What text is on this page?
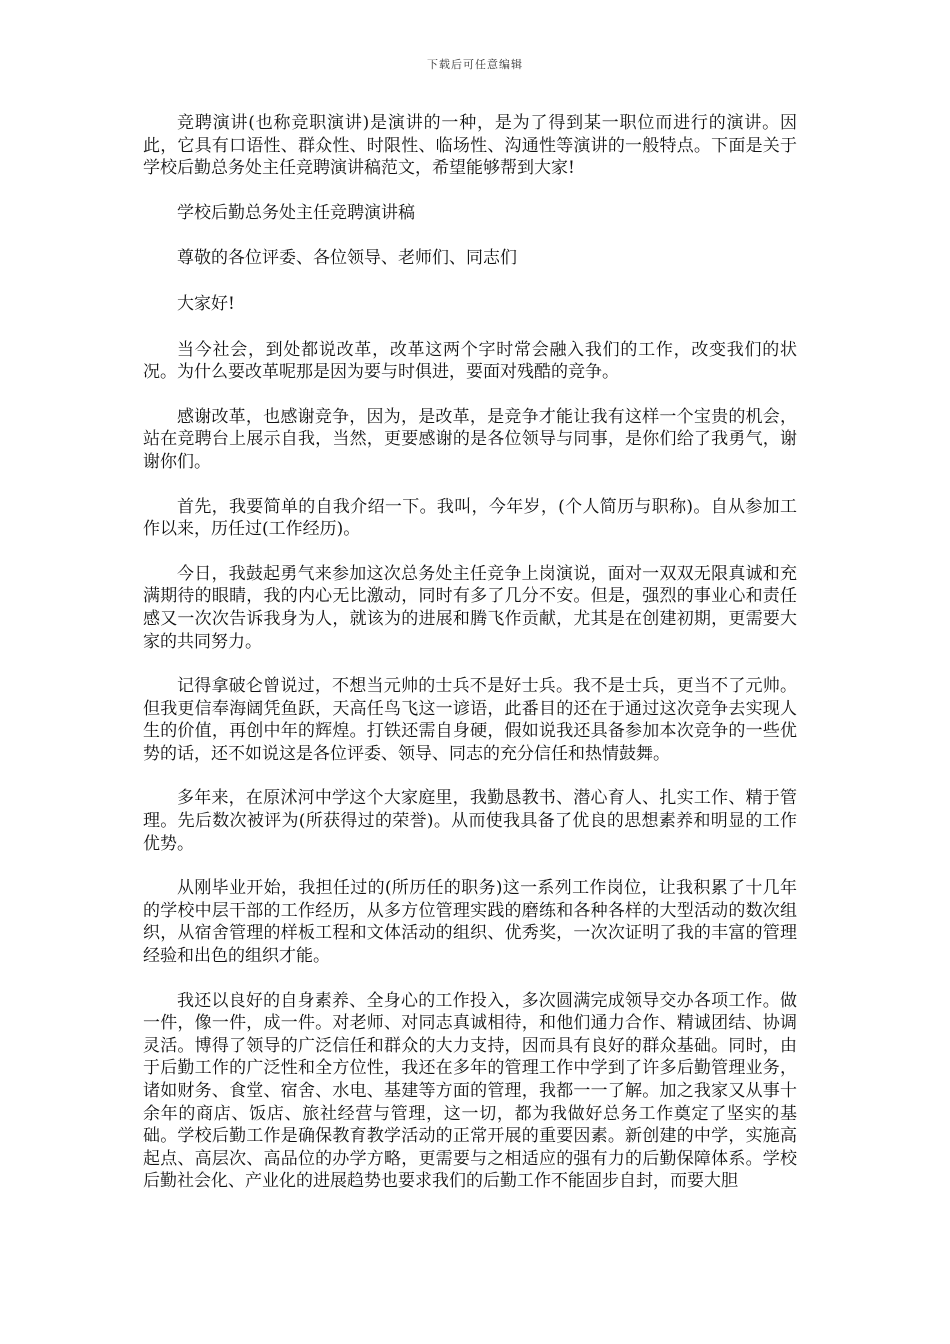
下载后可任意编辑

竞聘演讲(也称竞职演讲)是演讲的一种，是为了得到某一职位而进行的演讲。因此，它具有口语性、群众性、时限性、临场性、沟通性等演讲的一般特点。下面是关于学校后勤总务处主任竞聘演讲稿范文，希望能够帮到大家!

学校后勤总务处主任竞聘演讲稿

尊敬的各位评委、各位领导、老师们、同志们

大家好!

当今社会，到处都说改革，改革这两个字时常会融入我们的工作，改变我们的状况。为什么要改革呢那是因为要与时俱进，要面对残酷的竞争。

感谢改革，也感谢竞争，因为，是改革，是竞争才能让我有这样一个宝贵的机会，站在竞聘台上展示自我，当然，更要感谢的是各位领导与同事，是你们给了我勇气，谢谢你们。

首先，我要简单的自我介绍一下。我叫，今年岁，(个人简历与职称)。自从参加工作以来，历任过(工作经历)。

今日，我鼓起勇气来参加这次总务处主任竞争上岗演说，面对一双双无限真诚和充满期待的眼睛，我的内心无比激动，同时有多了几分不安。但是，强烈的事业心和责任感又一次次告诉我身为人，就该为的进展和腾飞作贡献，尤其是在创建初期，更需要大家的共同努力。

记得拿破仑曾说过，不想当元帅的士兵不是好士兵。我不是士兵，更当不了元帅。但我更信奉海阔凭鱼跃，天高任鸟飞这一谚语，此番目的还在于通过这次竞争去实现人生的价值，再创中年的辉煌。打铁还需自身硬，假如说我还具备参加本次竞争的一些优势的话，还不如说这是各位评委、领导、同志的充分信任和热情鼓舞。

多年来，在原沭河中学这个大家庭里，我勤恳教书、潜心育人、扎实工作、精于管理。先后数次被评为(所获得过的荣誉)。从而使我具备了优良的思想素养和明显的工作优势。

从刚毕业开始，我担任过的(所历任的职务)这一系列工作岗位，让我积累了十几年的学校中层干部的工作经历，从多方位管理实践的磨练和各种各样的大型活动的数次组织，从宿舍管理的样板工程和文体活动的组织、优秀奖，一次次证明了我的丰富的管理经验和出色的组织才能。

我还以良好的自身素养、全身心的工作投入，多次圆满完成领导交办各项工作。做一件，像一件，成一件。对老师、对同志真诚相待，和他们通力合作、精诚团结、协调灵活。博得了领导的广泛信任和群众的大力支持，因而具有良好的群众基础。同时，由于后勤工作的广泛性和全方位性，我还在多年的管理工作中学到了许多后勤管理业务，诸如财务、食堂、宿舍、水电、基建等方面的管理，我都一一了解。加之我家又从事十余年的商店、饭店、旅社经营与管理，这一切，都为我做好总务工作奠定了坚实的基础。学校后勤工作是确保教育教学活动的正常开展的重要因素。新创建的中学，实施高起点、高层次、高品位的办学方略，更需要与之相适应的强有力的后勤保障体系。学校后勤社会化、产业化的进展趋势也要求我们的后勤工作不能固步自封，而要大胆
